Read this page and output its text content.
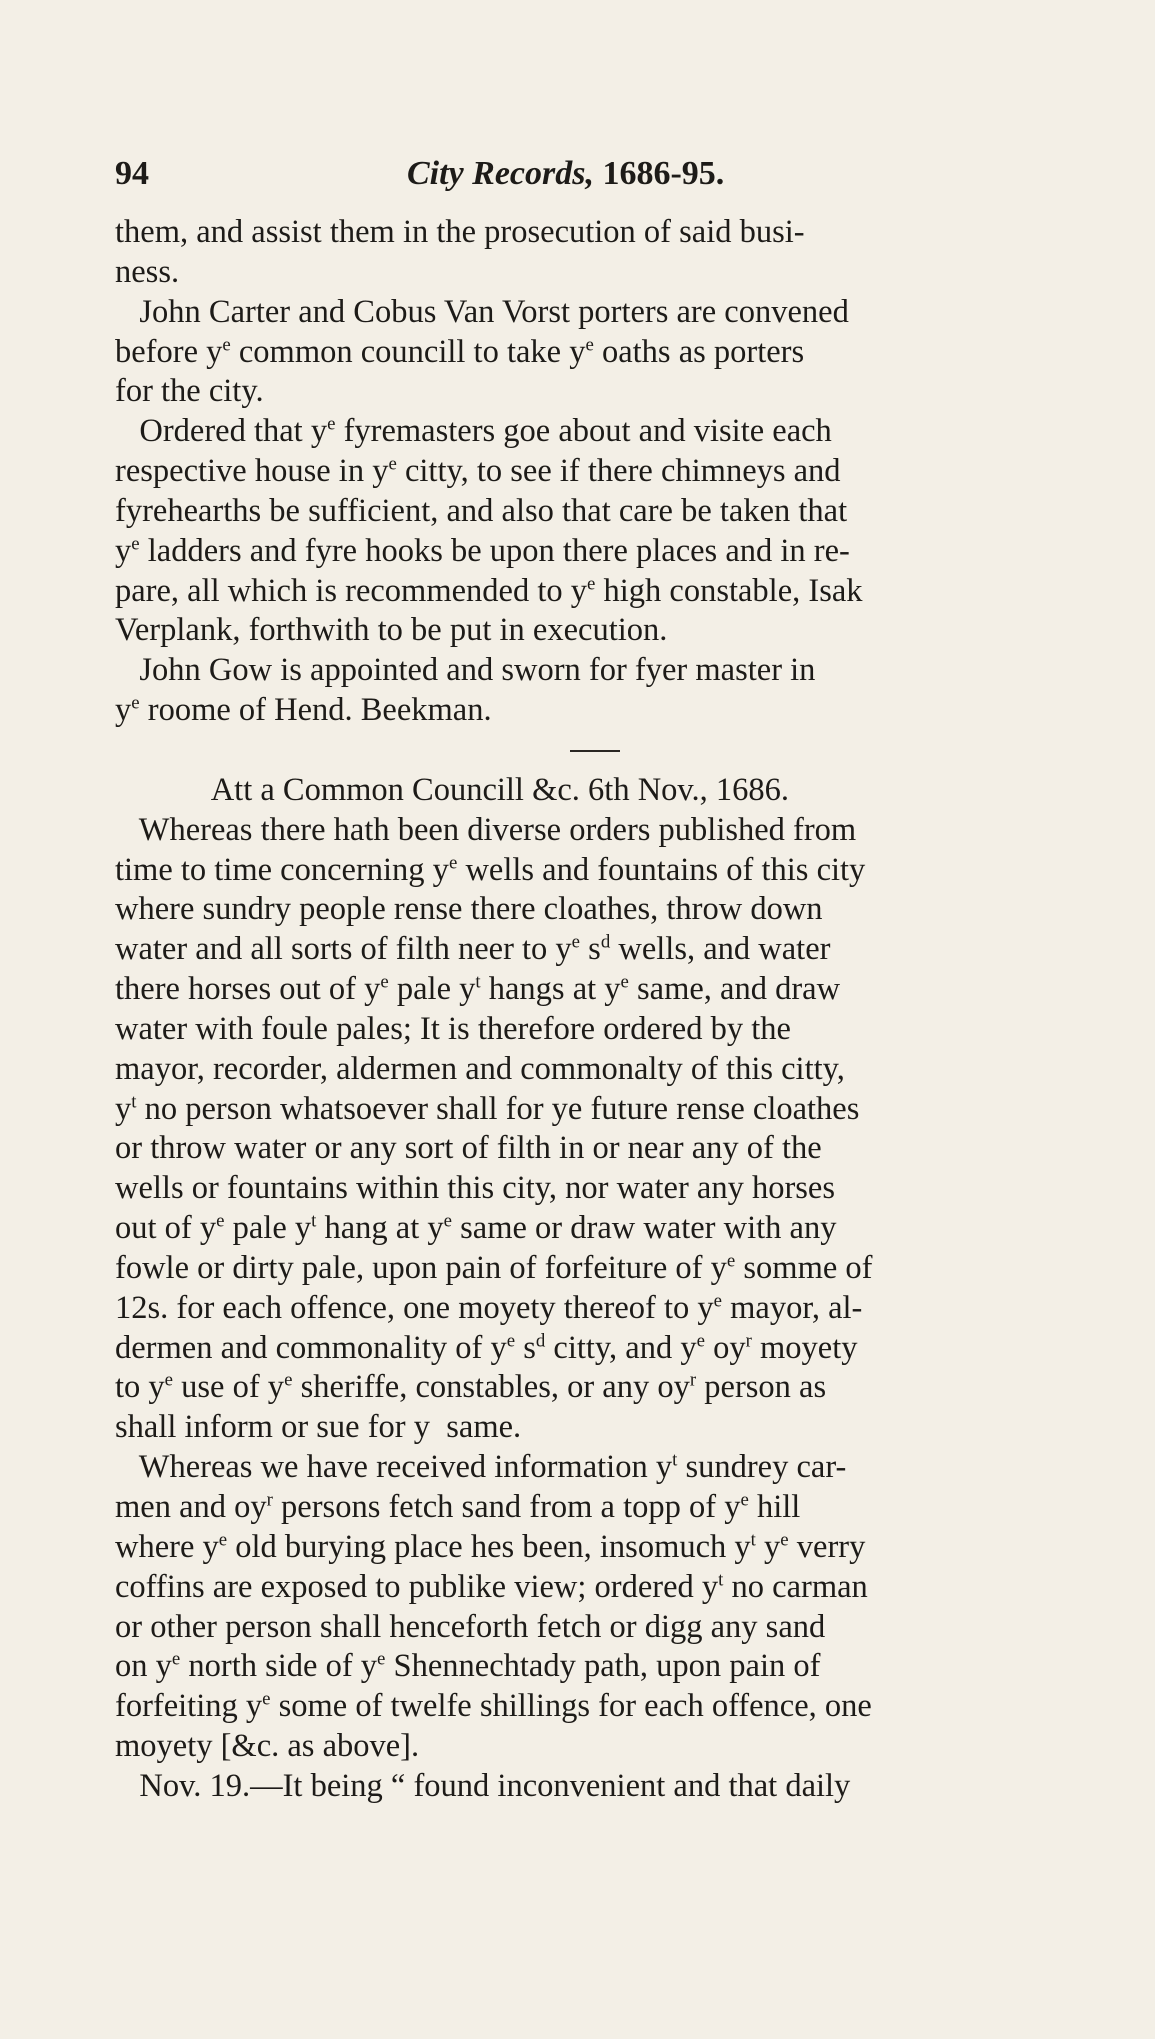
94	City Records, 1686-95.
them, and assist them in the prosecution of said busi-
ness.
John Carter and Cobus Van Vorst porters are convened
before $y^e$ common councill to take $y^e$ oaths as porters
for the city.
Ordered that $y^e$ fyremasters goe about and visite each
respective house in $y^e$ citty, to see if there chimneys and
fyrehearths be sufficient, and also that care be taken that
$y^e$ ladders and fyre hooks be upon there places and in re-
pare, all which is recommended to $y^e$ high constable, Isak
Verplank, forthwith to be put in execution.
John Gow is appointed and sworn for fyer master in
$y^e$ roome of Hend. Beekman.
Att a Common Councill &c. 6th Nov., 1686.
Whereas there hath been diverse orders published from
time to time concerning $y^e$ wells and fountains of this city
where sundry people rense there cloathes, throw down
water and all sorts of filth neer to $y^e$ $s^d$ wells, and water
there horses out of $y^e$ pale $y^t$ hangs at $y^e$ same, and draw
water with foule pales; It is therefore ordered by the
mayor, recorder, aldermen and commonalty of this citty,
$y^t$ no person whatsoever shall for ye future rense cloathes
or throw water or any sort of filth in or near any of the
wells or fountains within this city, nor water any horses
out of $y^e$ pale $y^t$ hang at $y^e$ same or draw water with any
fowle or dirty pale, upon pain of forfeiture of $y^e$ somme of
12s. for each offence, one moyety thereof to $y^e$ mayor, al-
dermen and commonality of $y^e$ $s^d$ citty, and $y^e$ $oy^r$ moyety
to $y^e$ use of $y^e$ sheriffe, constables, or any $oy^r$ person as
shall inform or sue for y  same.
Whereas we have received information $y^t$ sundrey car-
men and $oy^r$ persons fetch sand from a topp of $y^e$ hill
where $y^e$ old burying place hes been, insomuch $y^t$ $y^e$ verry
coffins are exposed to publike view; ordered $y^t$ no carman
or other person shall henceforth fetch or digg any sand
on $y^e$ north side of $y^e$ Shennechtady path, upon pain of
forfeiting $y^e$ some of twelfe shillings for each offence, one
moyety [&c. as above].
Nov. 19.—It being “ found inconvenient and that daily
